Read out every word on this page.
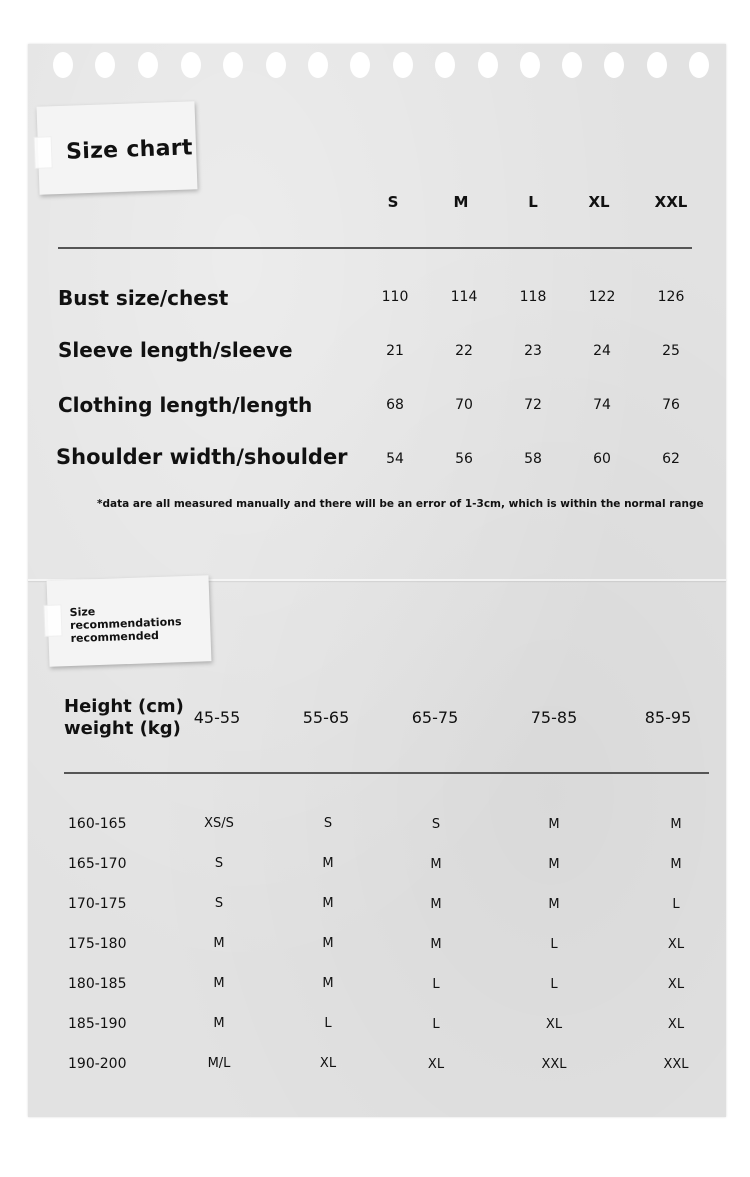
Size chart
S	M	L	XL	XXL
Bust size/chest	110	114	118	122	126
Sleeve length/sleeve	21	22	23	24	25
Clothing length/length	68	70	72	74	76
Shoulder width/shoulder	54	56	58	60	62
*data are all measured manually and there will be an error of 1-3cm, which is within the normal range
Size recommendations recommended
Height (cm)
weight (kg)
45-55	55-65	65-75	75-85	85-95
160-165	XS/S	S	S	M	M
165-170	S	M	M	M	M
170-175	S	M	M	M	L
175-180	M	M	M	L	XL
180-185	M	M	L	L	XL
185-190	M	L	L	XL	XL
190-200	M/L	XL	XL	XXL	XXL
